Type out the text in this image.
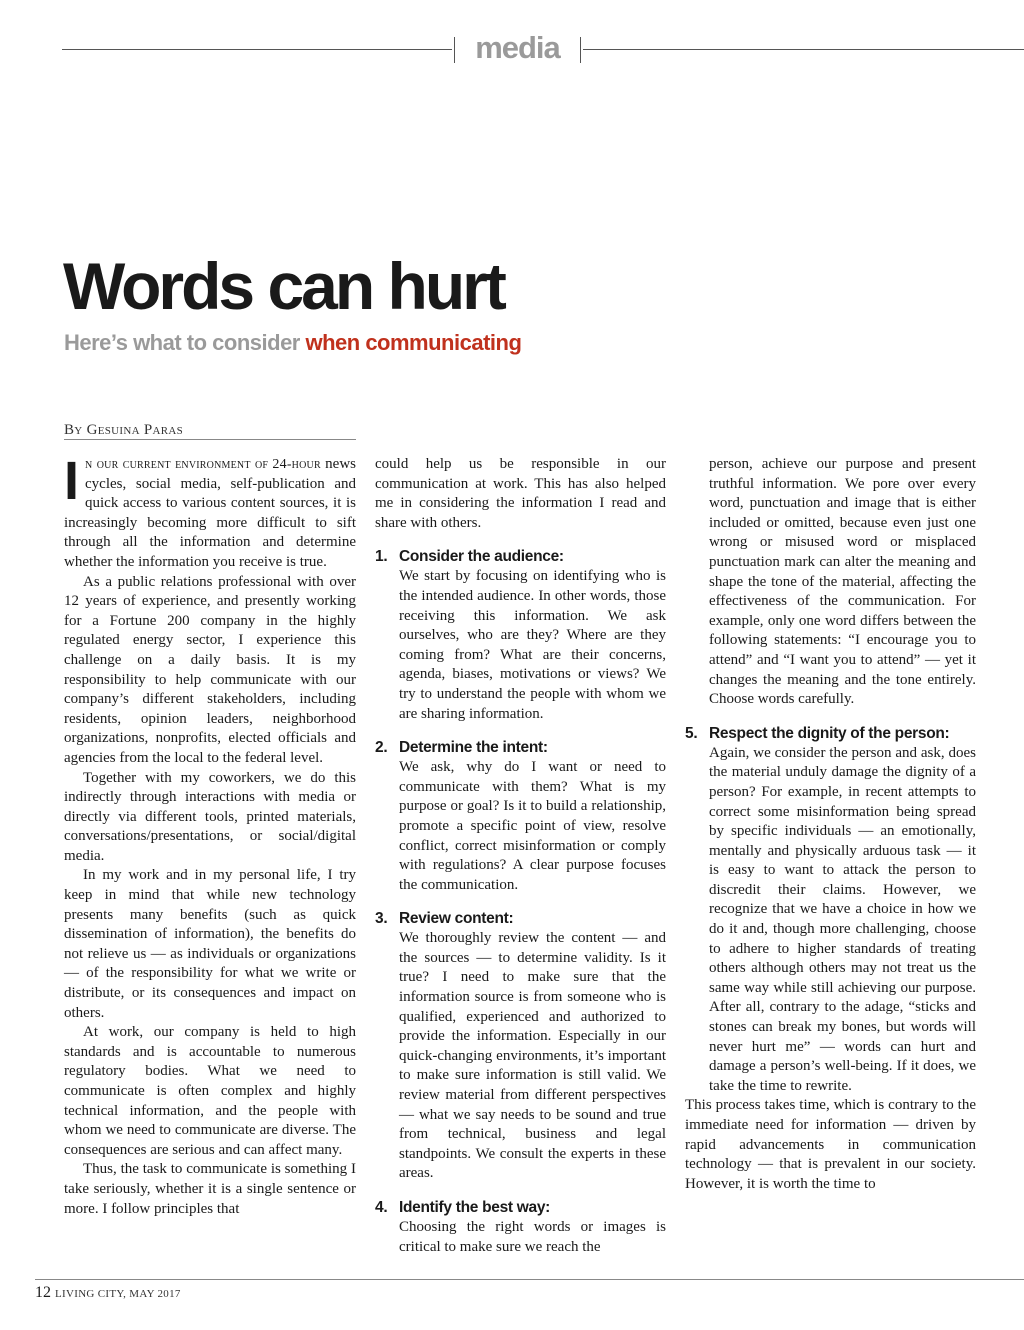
media
Words can hurt
Here’s what to consider when communicating
By Gesuina Paras

In our current environment of 24-hour news cycles, social media, self-publication and quick access to various content sources, it is increasingly becoming more difficult to sift through all the information and determine whether the information you receive is true.

As a public relations professional with over 12 years of experience, and presently working for a Fortune 200 company in the highly regulated energy sector, I experience this challenge on a daily basis. It is my responsibility to help communicate with our company’s different stakeholders, including residents, opinion leaders, neighborhood organizations, nonprofits, elected officials and agencies from the local to the federal level.

Together with my coworkers, we do this indirectly through interactions with media or directly via different tools, printed materials, conversations/presentations, or social/digital media.

In my work and in my personal life, I try keep in mind that while new technology presents many benefits (such as quick dissemination of information), the benefits do not relieve us — as individuals or organizations — of the responsibility for what we write or distribute, or its consequences and impact on others.

At work, our company is held to high standards and is accountable to numerous regulatory bodies. What we need to communicate is often complex and highly technical information, and the people with whom we need to communicate are diverse. The consequences are serious and can affect many.

Thus, the task to communicate is something I take seriously, whether it is a single sentence or more. I follow principles that

could help us be responsible in our communication at work. This has also helped me in considering the information I read and share with others.

1. Consider the audience:

We start by focusing on identifying who is the intended audience. In other words, those receiving this information. We ask ourselves, who are they? Where are they coming from? What are their concerns, agenda, biases, motivations or views? We try to understand the people with whom we are sharing information.

2. Determine the intent:

We ask, why do I want or need to communicate with them? What is my purpose or goal? Is it to build a relationship, promote a specific point of view, resolve conflict, correct misinformation or comply with regulations? A clear purpose focuses the communication.

3. Review content:

We thoroughly review the content — and the sources — to determine validity. Is it true? I need to make sure that the information source is from someone who is qualified, experienced and authorized to provide the information. Especially in our quick-changing environments, it’s important to make sure information is still valid. We review material from different perspectives — what we say needs to be sound and true from technical, business and legal standpoints. We consult the experts in these areas.

4. Identify the best way:

Choosing the right words or images is critical to make sure we reach the

person, achieve our purpose and present truthful information. We pore over every word, punctuation and image that is either included or omitted, because even just one wrong or misused word or misplaced punctuation mark can alter the meaning and shape the tone of the material, affecting the effectiveness of the communication. For example, only one word differs between the following statements: “I encourage you to attend” and “I want you to attend” — yet it changes the meaning and the tone entirely. Choose words carefully.

5. Respect the dignity of the person:

Again, we consider the person and ask, does the material unduly damage the dignity of a person? For example, in recent attempts to correct some misinformation being spread by specific individuals — an emotionally, mentally and physically arduous task — it is easy to want to attack the person to discredit their claims. However, we recognize that we have a choice in how we do it and, though more challenging, choose to adhere to higher standards of treating others although others may not treat us the same way while still achieving our purpose. After all, contrary to the adage, “sticks and stones can break my bones, but words will never hurt me” — words can hurt and damage a person’s well-being. If it does, we take the time to rewrite.

This process takes time, which is contrary to the immediate need for information — driven by rapid advancements in communication technology — that is prevalent in our society. However, it is worth the time to

12 LIVING CITY, MAY 2017
